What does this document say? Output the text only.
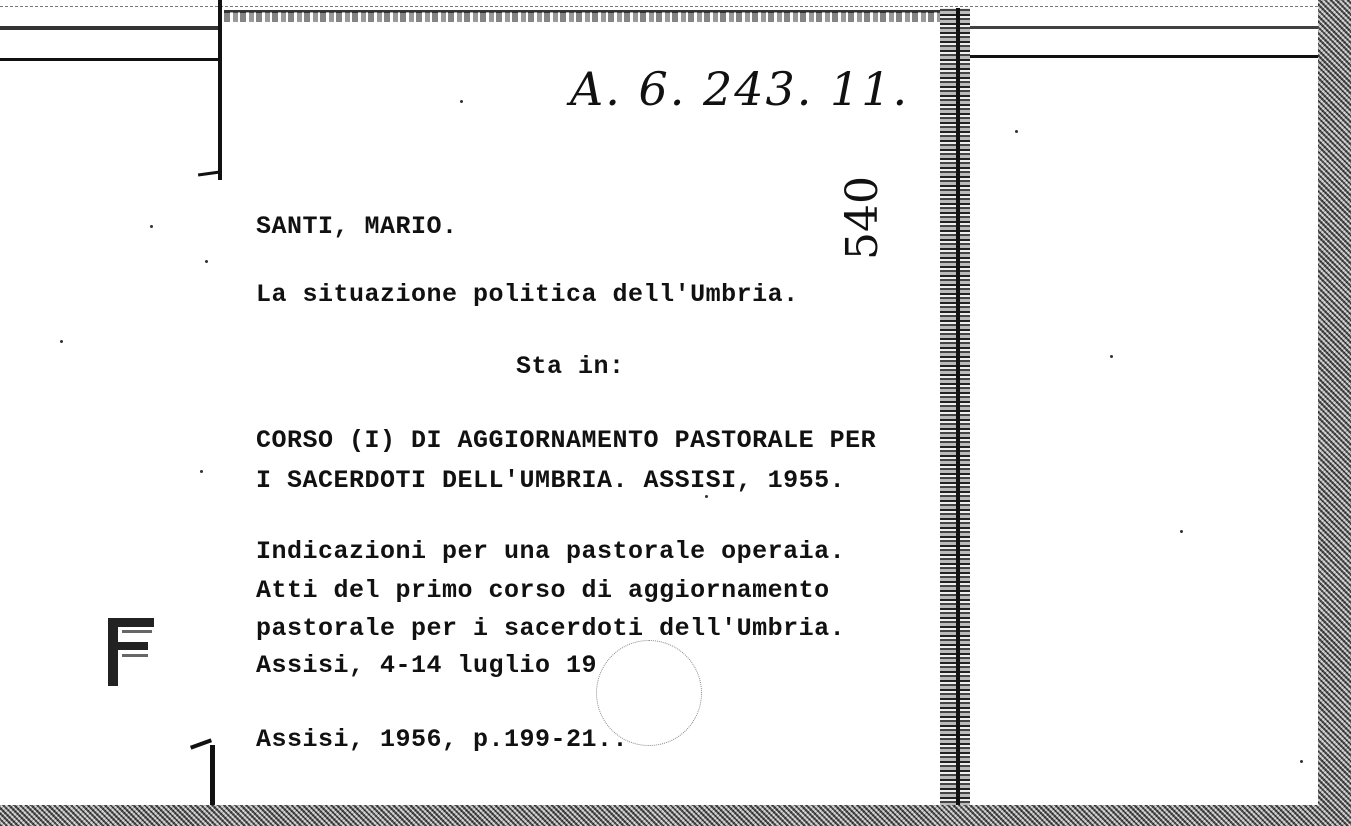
A. 6. 243. 11.
540
SANTI, MARIO.
La situazione politica dell'Umbria.
Sta in:
CORSO (I) DI AGGIORNAMENTO PASTORALE PER
I SACERDOTI DELL'UMBRIA. ASSISI, 1955.
Indicazioni per una pastorale operaia.
Atti del primo corso di aggiornamento
pastorale per i sacerdoti dell'Umbria.
Assisi, 4-14 luglio 19
Assisi, 1956, p.199-21..
